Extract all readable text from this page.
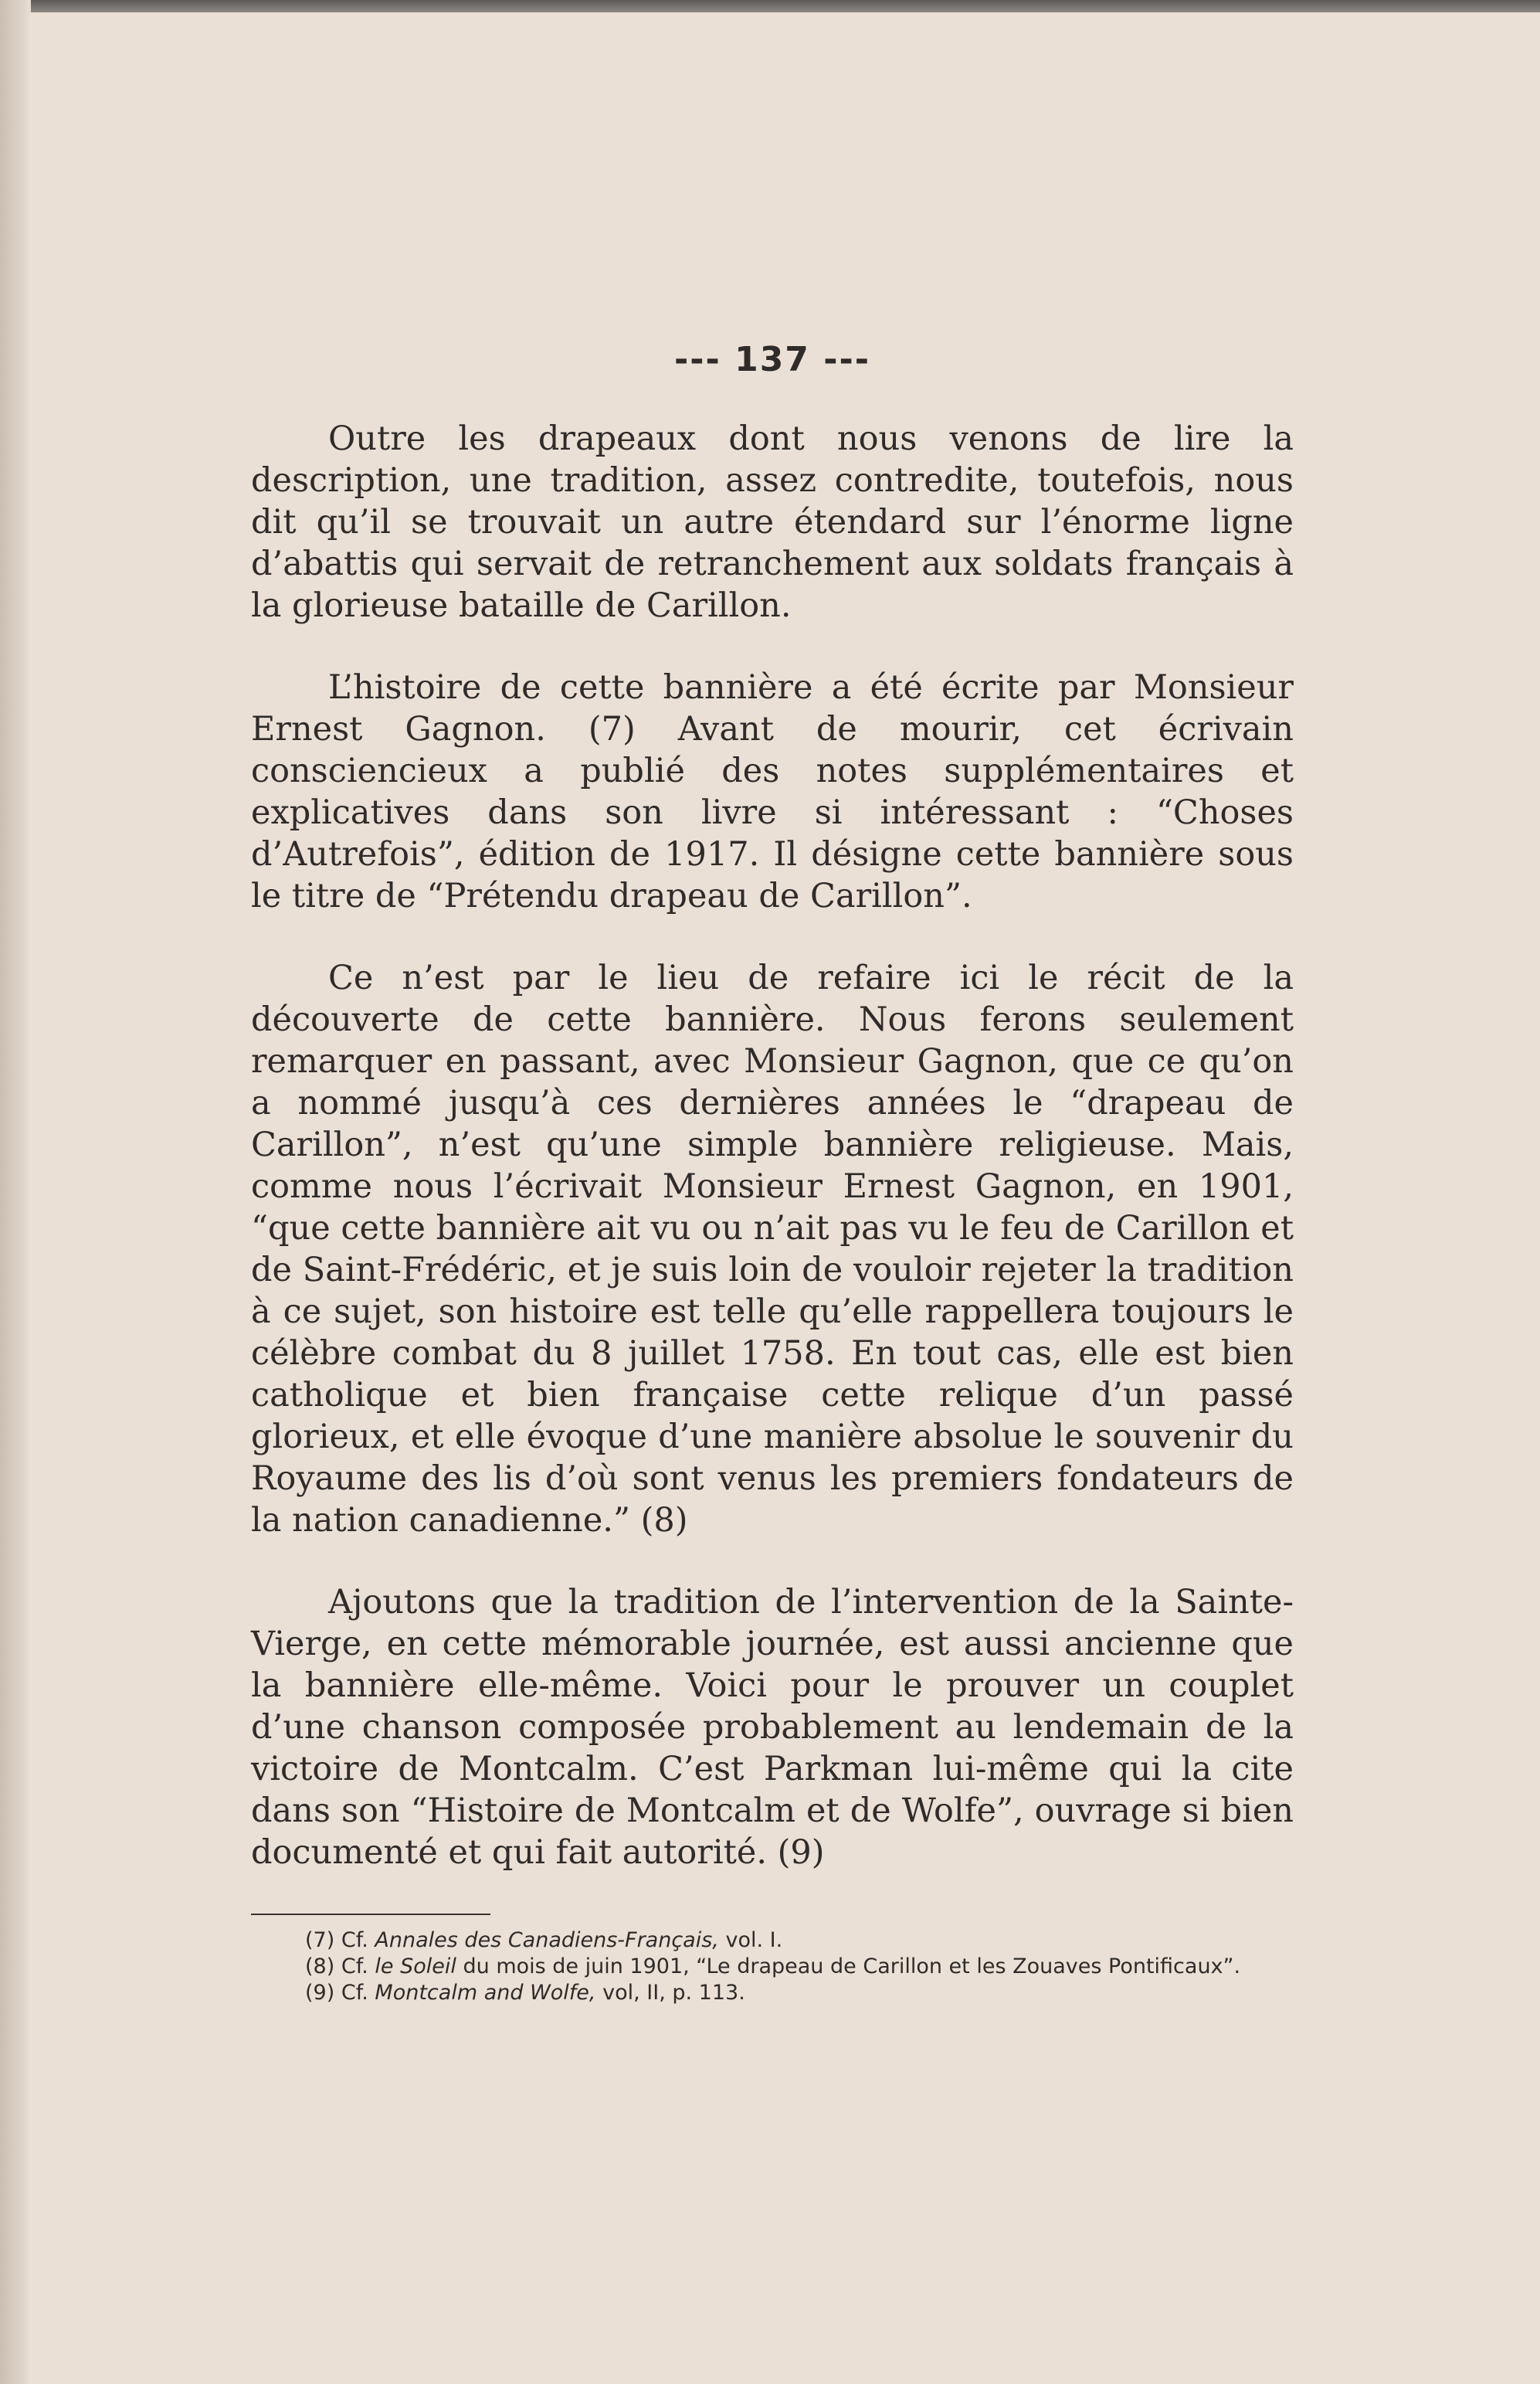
--- 137 ---

Outre les drapeaux dont nous venons de lire la description, une tradition, assez contredite, toutefois, nous dit qu’il se trouvait un autre étendard sur l’énorme ligne d’abattis qui servait de retranchement aux soldats français à la glorieuse bataille de Carillon.

L’histoire de cette bannière a été écrite par Monsieur Ernest Gagnon. (7) Avant de mourir, cet écrivain consciencieux a publié des notes supplémentaires et explicatives dans son livre si intéressant : “Choses d’Autrefois”, édition de 1917. Il désigne cette bannière sous le titre de “Prétendu drapeau de Carillon”.

Ce n’est par le lieu de refaire ici le récit de la découverte de cette bannière. Nous ferons seulement remarquer en passant, avec Monsieur Gagnon, que ce qu’on a nommé jusqu’à ces dernières années le “drapeau de Carillon”, n’est qu’une simple bannière religieuse. Mais, comme nous l’écrivait Monsieur Ernest Gagnon, en 1901, “que cette bannière ait vu ou n’ait pas vu le feu de Carillon et de Saint-Frédéric, et je suis loin de vouloir rejeter la tradition à ce sujet, son histoire est telle qu’elle rappellera toujours le célèbre combat du 8 juillet 1758. En tout cas, elle est bien catholique et bien française cette relique d’un passé glorieux, et elle évoque d’une manière absolue le souvenir du Royaume des lis d’où sont venus les premiers fondateurs de la nation canadienne.” (8)

Ajoutons que la tradition de l’intervention de la Sainte-Vierge, en cette mémorable journée, est aussi ancienne que la bannière elle-même. Voici pour le prouver un couplet d’une chanson composée probablement au lendemain de la victoire de Montcalm. C’est Parkman lui-même qui la cite dans son “Histoire de Montcalm et de Wolfe”, ouvrage si bien documenté et qui fait autorité. (9)

(7) Cf. Annales des Canadiens-Français, vol. I.

(8) Cf. le Soleil du mois de juin 1901, “Le drapeau de Carillon et les Zouaves Pontificaux”.

(9) Cf. Montcalm and Wolfe, vol, II, p. 113.
